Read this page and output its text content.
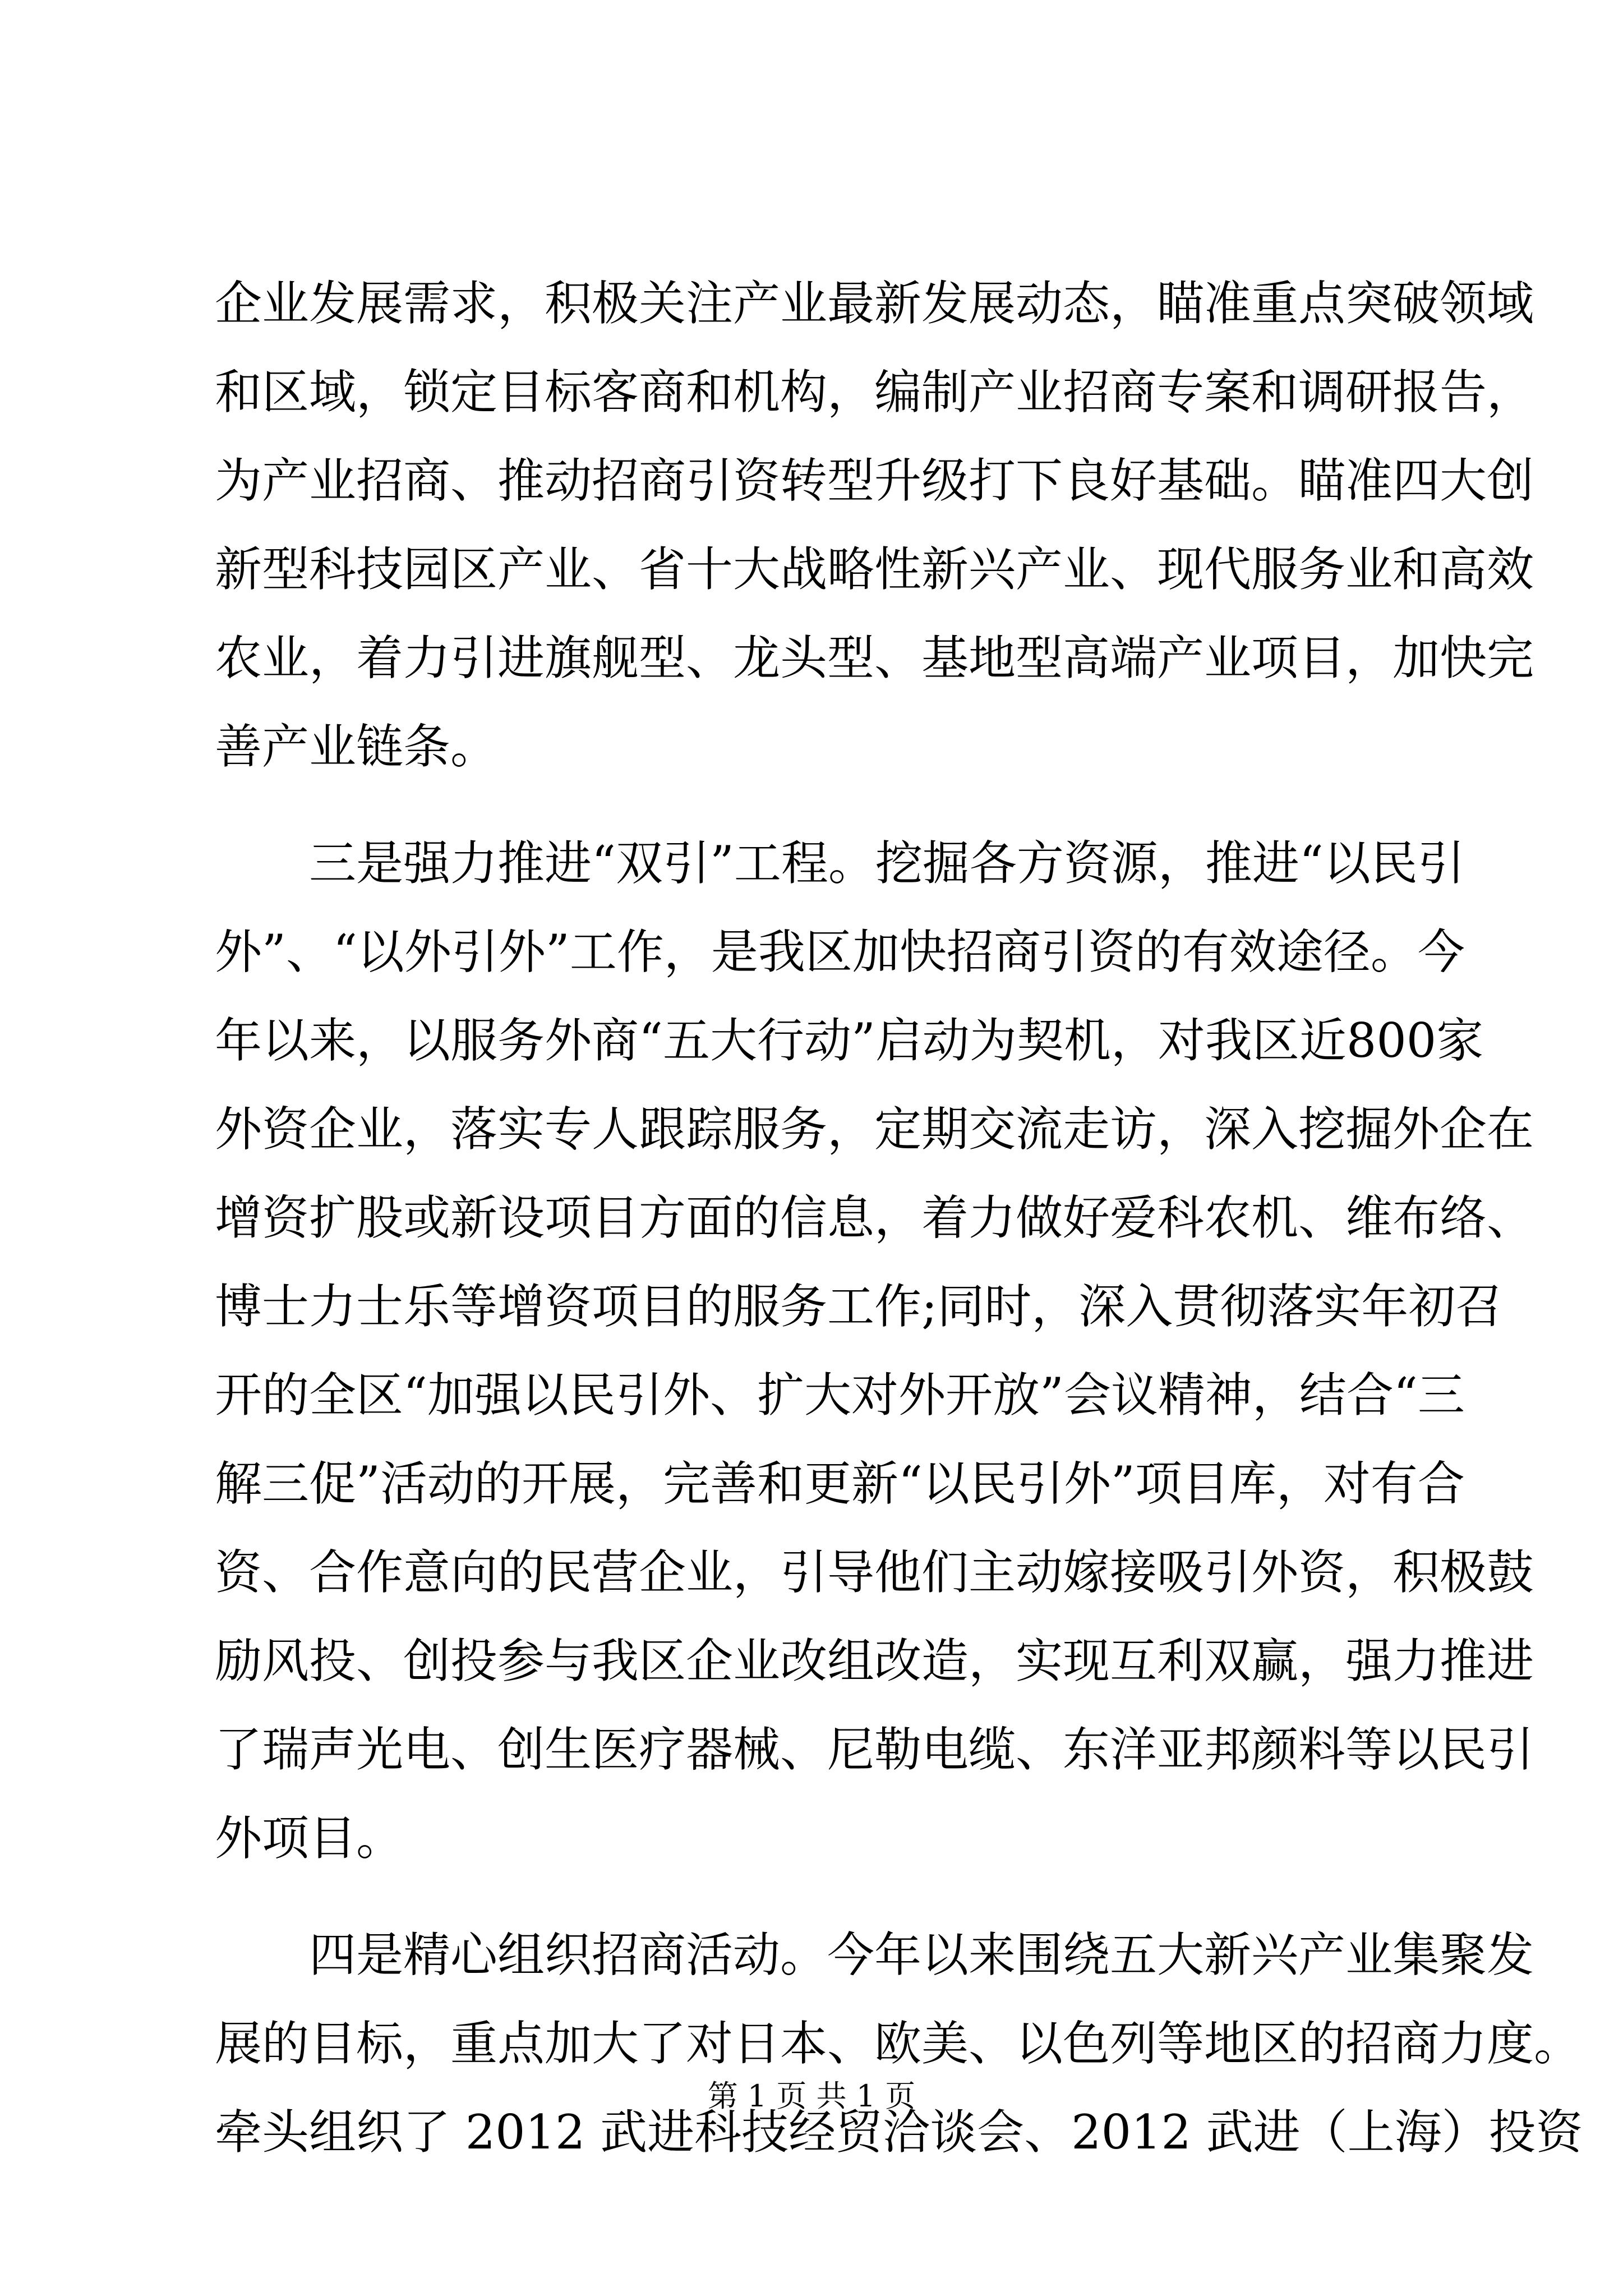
企业发展需求，积极关注产业最新发展动态，瞄准重点突破领域
和区域，锁定目标客商和机构，编制产业招商专案和调研报告，
为产业招商、推动招商引资转型升级打下良好基础。瞄准四大创
新型科技园区产业、省十大战略性新兴产业、现代服务业和高效
农业，着力引进旗舰型、龙头型、基地型高端产业项目，加快完
善产业链条。
三是强力推进“双引”工程。挖掘各方资源，推进“以民引
外”、“以外引外”工作，是我区加快招商引资的有效途径。今
年以来，以服务外商“五大行动”启动为契机，对我区近800家
外资企业，落实专人跟踪服务，定期交流走访，深入挖掘外企在
增资扩股或新设项目方面的信息，着力做好爱科农机、维布络、
博士力士乐等增资项目的服务工作;同时，深入贯彻落实年初召
开的全区“加强以民引外、扩大对外开放”会议精神，结合“三
解三促”活动的开展，完善和更新“以民引外”项目库，对有合
资、合作意向的民营企业，引导他们主动嫁接吸引外资，积极鼓
励风投、创投参与我区企业改组改造，实现互利双赢，强力推进
了瑞声光电、创生医疗器械、尼勒电缆、东洋亚邦颜料等以民引
外项目。
四是精心组织招商活动。今年以来围绕五大新兴产业集聚发
展的目标，重点加大了对日本、欧美、以色列等地区的招商力度。
牵头组织了 2012 武进科技经贸洽谈会、2012 武进（上海）投资
第 1 页 共 1 页
